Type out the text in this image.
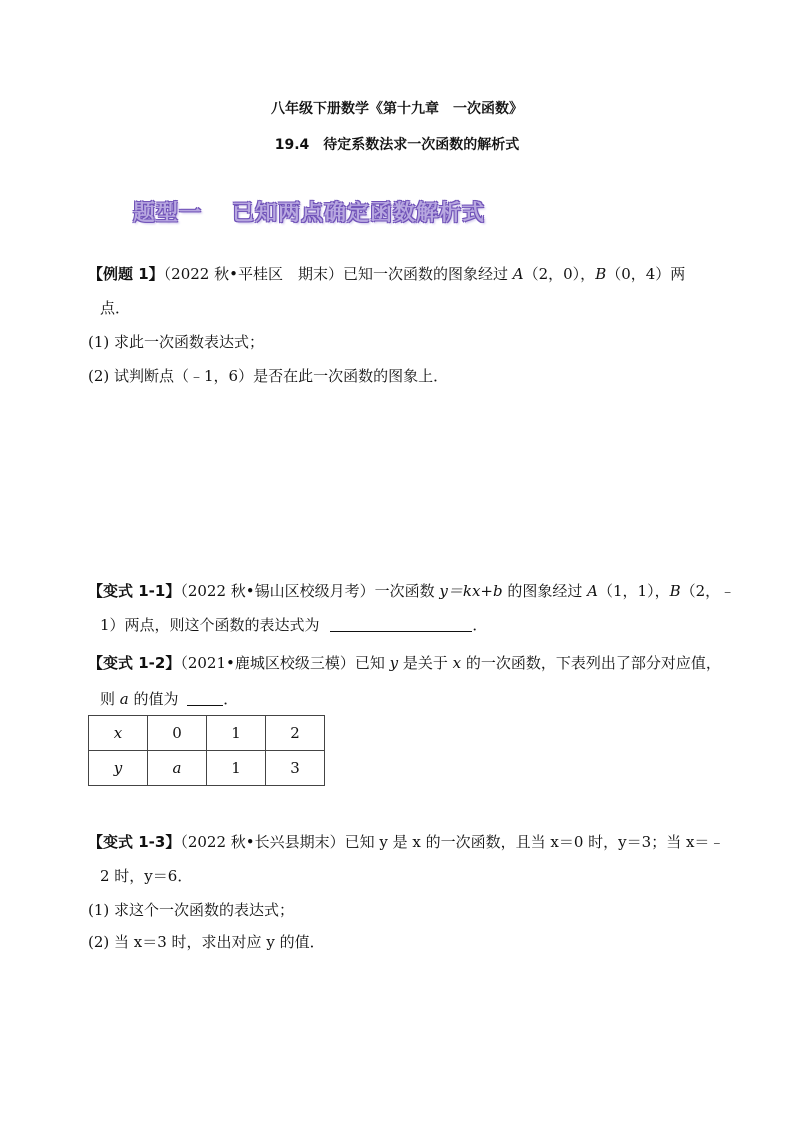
八年级下册数学《第十九章　一次函数》
19.4　待定系数法求一次函数的解析式
题型一 已知两点确定函数解析式
【例题 1】（2022 秋•平桂区　期末）已知一次函数的图象经过 A（2，0），B（0，4）两
点．
(1) 求此一次函数表达式；
(2) 试判断点（﹣1，6）是否在此一次函数的图象上．
【变式 1-1】（2022 秋•锡山区校级月考）一次函数 y＝kx+b 的图象经过 A（1，1），B（2，﹣
1）两点，则这个函数的表达式为	．
【变式 1-2】（2021•鹿城区校级三模）已知 y 是关于 x 的一次函数，下表列出了部分对应值，
则 a 的值为	．
x	0	1	2
y	a	1	3
【变式 1-3】（2022 秋•长兴县期末）已知 y 是 x 的一次函数，且当 x＝0 时，y＝3；当 x＝﹣
2 时，y＝6．
(1) 求这个一次函数的表达式；
(2) 当 x＝3 时，求出对应 y 的值．
